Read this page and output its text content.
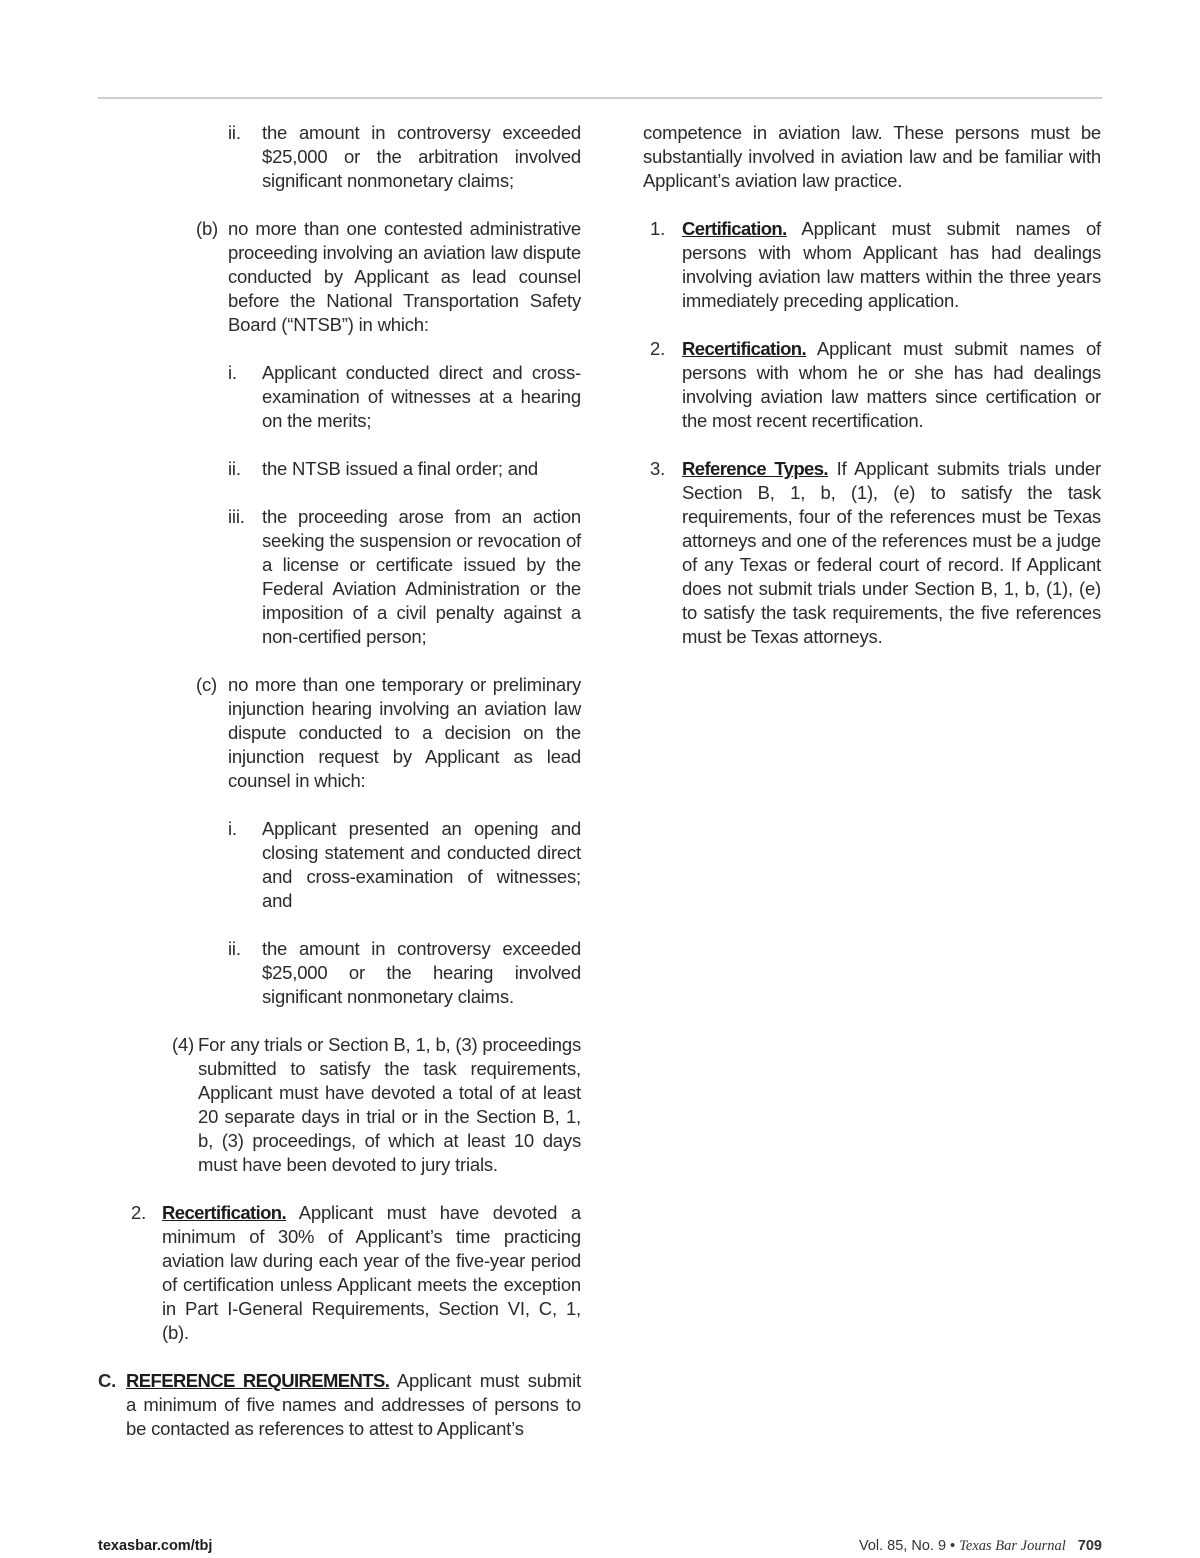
ii. the amount in controversy exceeded $25,000 or the arbitration involved significant nonmonetary claims;
(b) no more than one contested administrative proceeding involving an aviation law dispute conducted by Applicant as lead counsel before the National Transportation Safety Board (“NTSB”) in which:
i. Applicant conducted direct and cross-examination of witnesses at a hearing on the merits;
ii. the NTSB issued a final order; and
iii. the proceeding arose from an action seeking the suspension or revocation of a license or certificate issued by the Federal Aviation Administration or the imposition of a civil penalty against a non-certified person;
(c) no more than one temporary or preliminary injunction hearing involving an aviation law dispute conducted to a decision on the injunction request by Applicant as lead counsel in which:
i. Applicant presented an opening and closing statement and conducted direct and cross-examination of witnesses; and
ii. the amount in controversy exceeded $25,000 or the hearing involved significant nonmonetary claims.
(4) For any trials or Section B, 1, b, (3) proceedings submitted to satisfy the task requirements, Applicant must have devoted a total of at least 20 separate days in trial or in the Section B, 1, b, (3) proceedings, of which at least 10 days must have been devoted to jury trials.
2. Recertification. Applicant must have devoted a minimum of 30% of Applicant’s time practicing aviation law during each year of the five-year period of certification unless Applicant meets the exception in Part I-General Requirements, Section VI, C, 1, (b).
C. REFERENCE REQUIREMENTS. Applicant must submit a minimum of five names and addresses of persons to be contacted as references to attest to Applicant’s
competence in aviation law. These persons must be substantially involved in aviation law and be familiar with Applicant’s aviation law practice.
1. Certification. Applicant must submit names of persons with whom Applicant has had dealings involving aviation law matters within the three years immediately preceding application.
2. Recertification. Applicant must submit names of persons with whom he or she has had dealings involving aviation law matters since certification or the most recent recertification.
3. Reference Types. If Applicant submits trials under Section B, 1, b, (1), (e) to satisfy the task requirements, four of the references must be Texas attorneys and one of the references must be a judge of any Texas or federal court of record. If Applicant does not submit trials under Section B, 1, b, (1), (e) to satisfy the task requirements, the five references must be Texas attorneys.
texasbar.com/tbj	Vol. 85, No. 9 • Texas Bar Journal 709
